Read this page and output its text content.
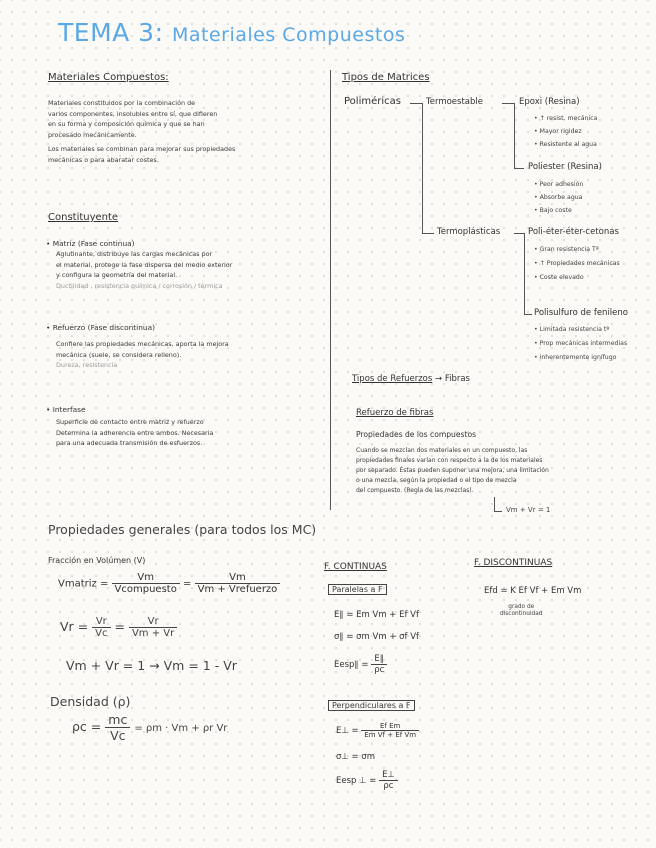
TEMA 3: Materiales Compuestos
Materiales Compuestos:
Materiales constituidos por la combinación de
varios componentes, insolubles entre sí, que difieren
en su forma y composición química y que se han
procesado mecánicamente.
Los materiales se combinan para mejorar sus propiedades
mecánicas o para abaratar costes.
Constituyente
• Matriz (Fase continua)
Aglutinante, distribuye las cargas mecánicas por
el material, protege la fase dispersa del medio exterior
y configura la geometría del material.
Ductilidad , resistencia química / corrosión / térmica
• Refuerzo (Fase discontinua)
Confiere las propiedades mecánicas, aporta la mejora
mecánica (suele, se considera relleno).
Dureza, resistencia
• Interfase
Superficie de contacto entre matriz y refuerzo
Determina la adherencia entre ambos. Necesaria
para una adecuada transmisión de esfuerzos.
Tipos de Matrices
Poliméricas	Termoestable	Epoxi (Resina)
• ↑ resist. mecánica
• Mayor rigidez
• Resistente al agua
Poliester (Resina)
• Peor adhesión
• Absorbe agua
• Bajo coste
Termoplásticas	Poli-éter-éter-cetonas
• Gran resistencia Tª
• ↑ Propiedades mecánicas
• Coste elevado
Polisulfuro de fenileno
• Limitada resistencia tª
• Prop mecánicas intermedias
• inherentemente ignífugo
Tipos de Refuerzos → Fibras
Refuerzo de fibras
Propiedades de los compuestos
Cuando se mezclan dos materiales en un compuesto, las
propiedades finales varían con respecto a la de los materiales
por separado. Éstas pueden suponer una mejora, una limitación
o una mezcla, según la propiedad o el tipo de mezcla
del compuesto. (Regla de las mezclas).
Vm + Vr = 1
Propiedades generales (para todos los MC)
Fracción en Volúmen (V)
Vmatriz = $\frac{Vm}{\text{Vcompuesto}} = \frac{Vm}{\text{Vm + Vrefuerzo}}$
$Vr = \frac{Vr}{Vc} = \frac{Vr}{Vm + Vr}$
Vm + Vr = 1 → Vm = 1 - Vr
Densidad (ρ)
$\rho c = \frac{mc}{Vc} = \rho m \cdot Vm + \rho r$ Vr
F. CONTINUAS
Paralelas a F
E∥ = Em Vm + Ef Vf
σ∥ = σm Vm + σf Vf
Eesp∥ = $\frac{E\parallel}{\rho c}$
Perpendiculares a F
E⊥ = $\frac{\text{Ef Em}}{\text{Em Vf + Ef Vm}}$
σ⊥ = σm
Eesp ⊥ = $\frac{E\perp}{\rho c}$
F. DISCONTINUAS
Efd = K Ef Vf + Em Vm
grado de
discontinuidad
